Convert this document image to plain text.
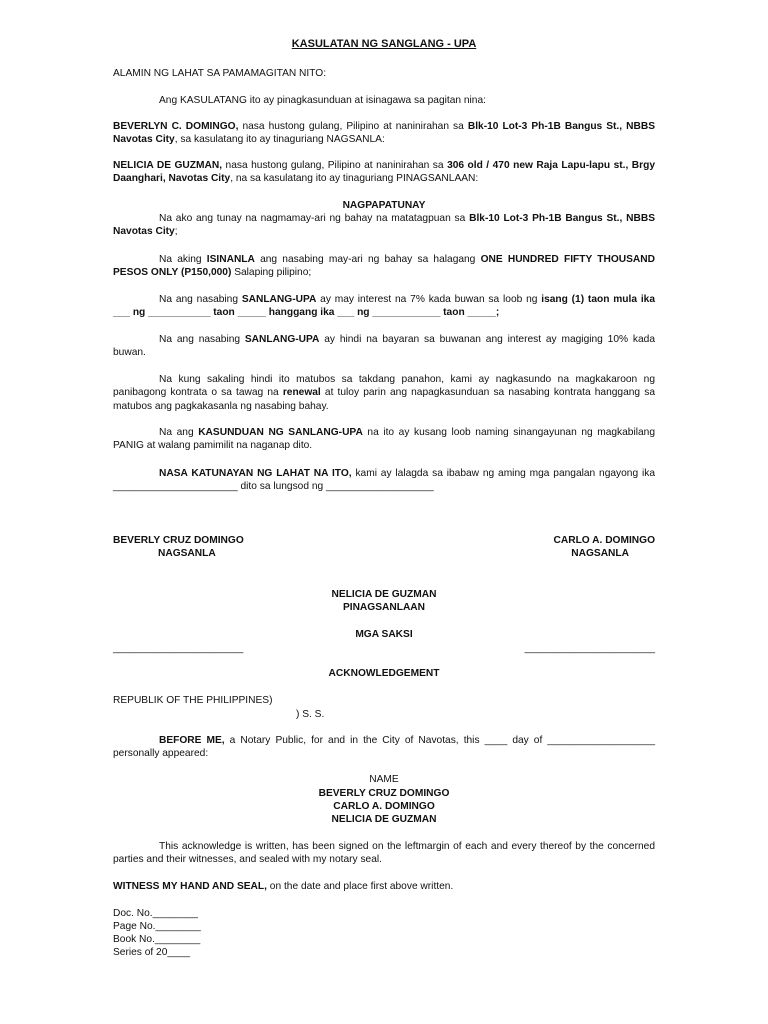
KASULATAN NG SANGLANG - UPA
ALAMIN NG LAHAT SA PAMAMAGITAN NITO:
Ang KASULATANG ito ay pinagkasunduan at isinagawa sa pagitan nina:
BEVERLYN C. DOMINGO, nasa hustong gulang, Pilipino at naninirahan sa Blk-10 Lot-3 Ph-1B Bangus St., NBBS Navotas City, sa kasulatang ito ay tinaguriang NAGSANLA:
NELICIA DE GUZMAN, nasa hustong gulang, Pilipino at naninirahan sa 306 old / 470 new Raja Lapu-lapu st., Brgy Daanghari, Navotas City, na sa kasulatang ito ay tinaguriang PINAGSANLAAN:
NAGPAPATUNAY
Na ako ang tunay na nagmamay-ari ng bahay na matatagpuan sa Blk-10 Lot-3 Ph-1B Bangus St., NBBS Navotas City;
Na aking ISINANLA ang nasabing may-ari ng bahay sa halagang ONE HUNDRED FIFTY THOUSAND PESOS ONLY (P150,000) Salaping pilipino;
Na ang nasabing SANLANG-UPA ay may interest na 7% kada buwan sa loob ng isang (1) taon mula ika ___ ng ___________ taon _____ hanggang ika ___ ng ____________ taon _____;
Na ang nasabing SANLANG-UPA ay hindi na bayaran sa buwanan ang interest ay magiging 10% kada buwan.
Na kung sakaling hindi ito matubos sa takdang panahon, kami ay nagkasundo na magkakaroon ng panibagong kontrata o sa tawag na renewal at tuloy parin ang napagkasunduan sa nasabing kontrata hanggang sa matubos ang pagkakasanla ng nasabing bahay.
Na ang KASUNDUAN NG SANLANG-UPA na ito ay kusang loob naming sinangayunan ng magkabilang PANIG at walang pamimilit na naganap dito.
NASA KATUNAYAN NG LAHAT NA ITO, kami ay lalagda sa ibabaw ng aming mga pangalan ngayong ika ______________________ dito sa lungsod ng ___________________
BEVERLY CRUZ DOMINGO
NAGSANLA
CARLO A. DOMINGO
NAGSANLA
NELICIA DE GUZMAN
PINAGSANLAAN
MGA SAKSI
_______________________	_______________________
ACKNOWLEDGEMENT
REPUBLIK OF THE PHILIPPINES)
) S. S.
BEFORE ME, a Notary Public, for and in the City of Navotas, this ____ day of ___________________ personally appeared:
NAME
BEVERLY CRUZ DOMINGO
CARLO A. DOMINGO
NELICIA DE GUZMAN
This acknowledge is written, has been signed on the leftmargin of each and every thereof by the concerned parties and their witnesses, and sealed with my notary seal.
WITNESS MY HAND AND SEAL, on the date and place first above written.
Doc. No.________
Page No.________
Book No.________
Series of 20____
